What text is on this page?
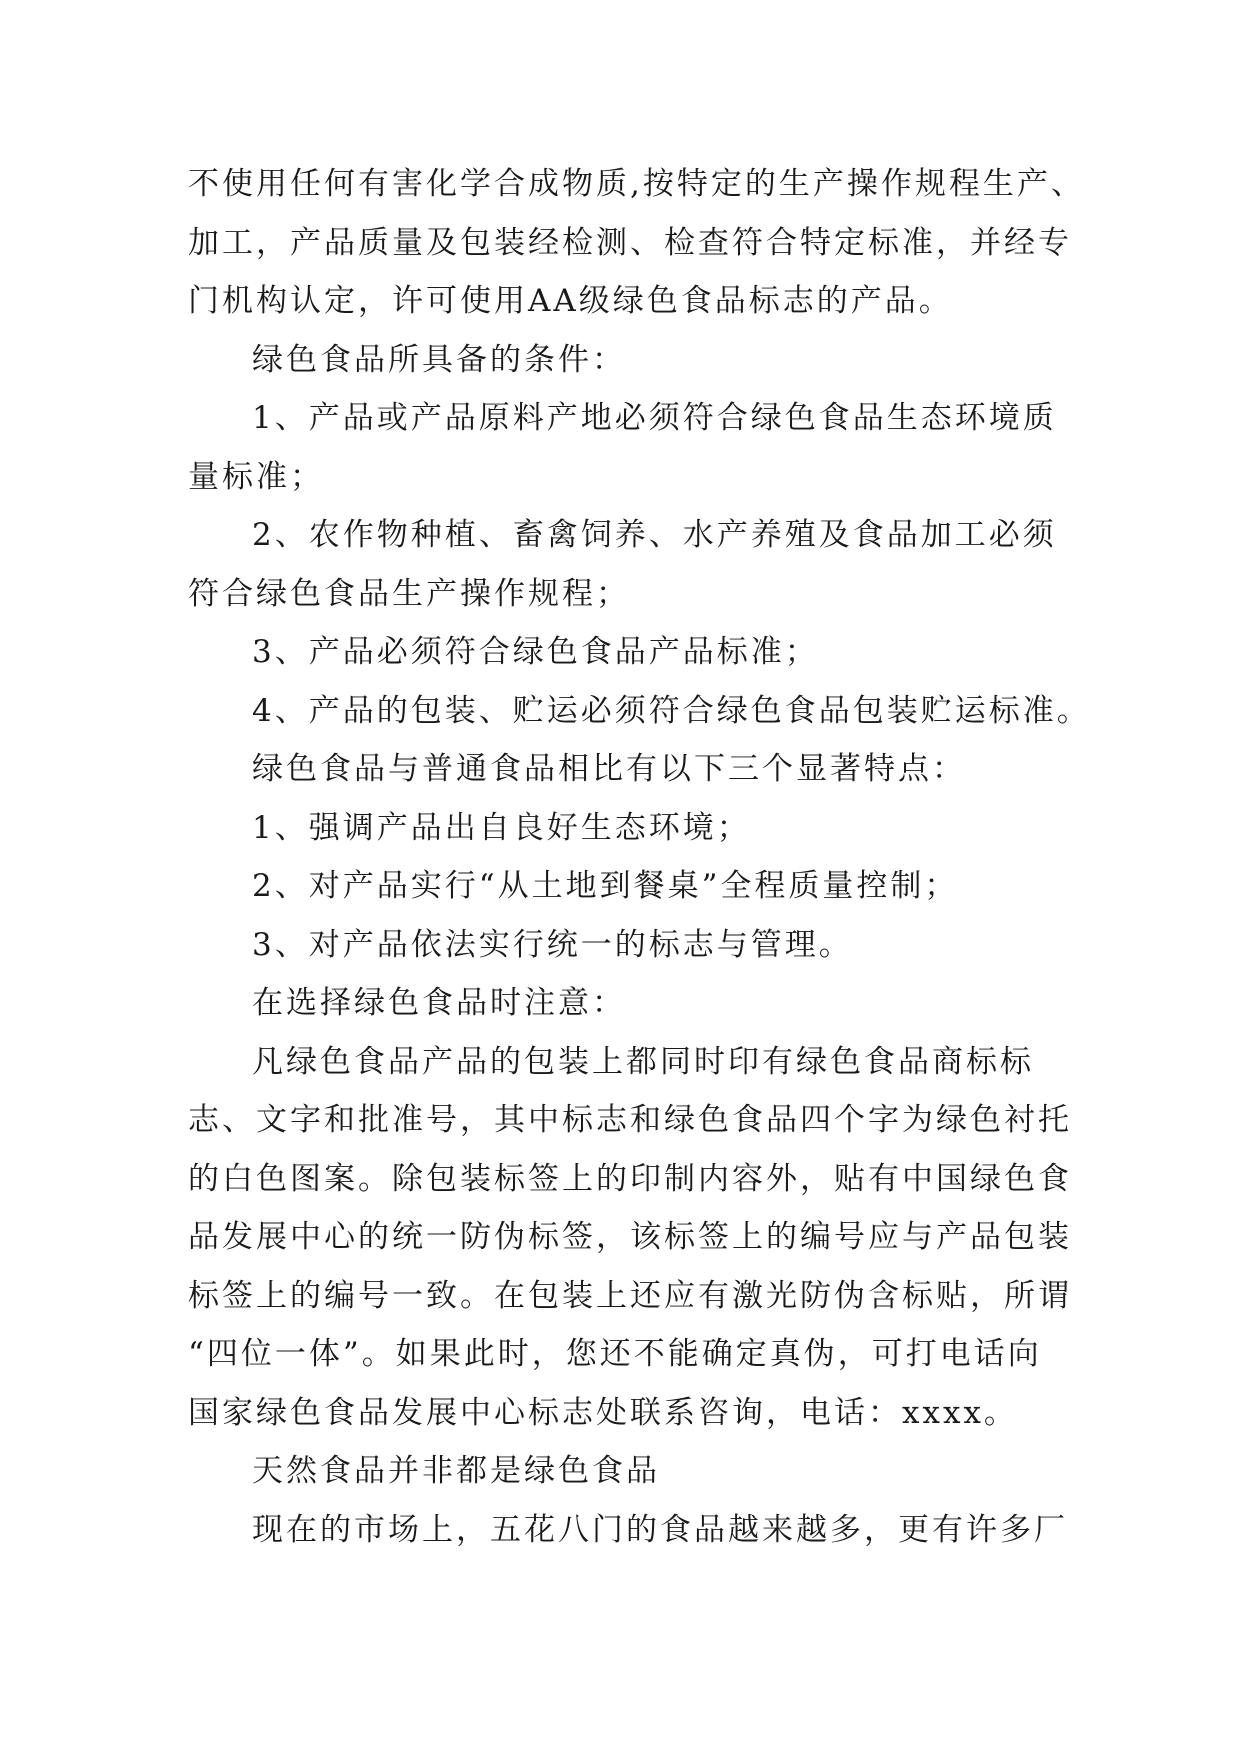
不使用任何有害化学合成物质,按特定的生产操作规程生产、
加工，产品质量及包装经检测、检查符合特定标准，并经专
门机构认定，许可使用AA级绿色食品标志的产品。
绿色食品所具备的条件：
1、产品或产品原料产地必须符合绿色食品生态环境质
量标准；
2、农作物种植、畜禽饲养、水产养殖及食品加工必须
符合绿色食品生产操作规程；
3、产品必须符合绿色食品产品标准；
4、产品的包装、贮运必须符合绿色食品包装贮运标准。
绿色食品与普通食品相比有以下三个显著特点：
1、强调产品出自良好生态环境；
2、对产品实行“从土地到餐桌”全程质量控制；
3、对产品依法实行统一的标志与管理。
在选择绿色食品时注意：
凡绿色食品产品的包装上都同时印有绿色食品商标标
志、文字和批准号，其中标志和绿色食品四个字为绿色衬托
的白色图案。除包装标签上的印制内容外，贴有中国绿色食
品发展中心的统一防伪标签，该标签上的编号应与产品包装
标签上的编号一致。在包装上还应有激光防伪含标贴，所谓
“四位一体”。如果此时，您还不能确定真伪，可打电话向
国家绿色食品发展中心标志处联系咨询，电话：xxxx。
天然食品并非都是绿色食品
现在的市场上，五花八门的食品越来越多，更有许多厂
